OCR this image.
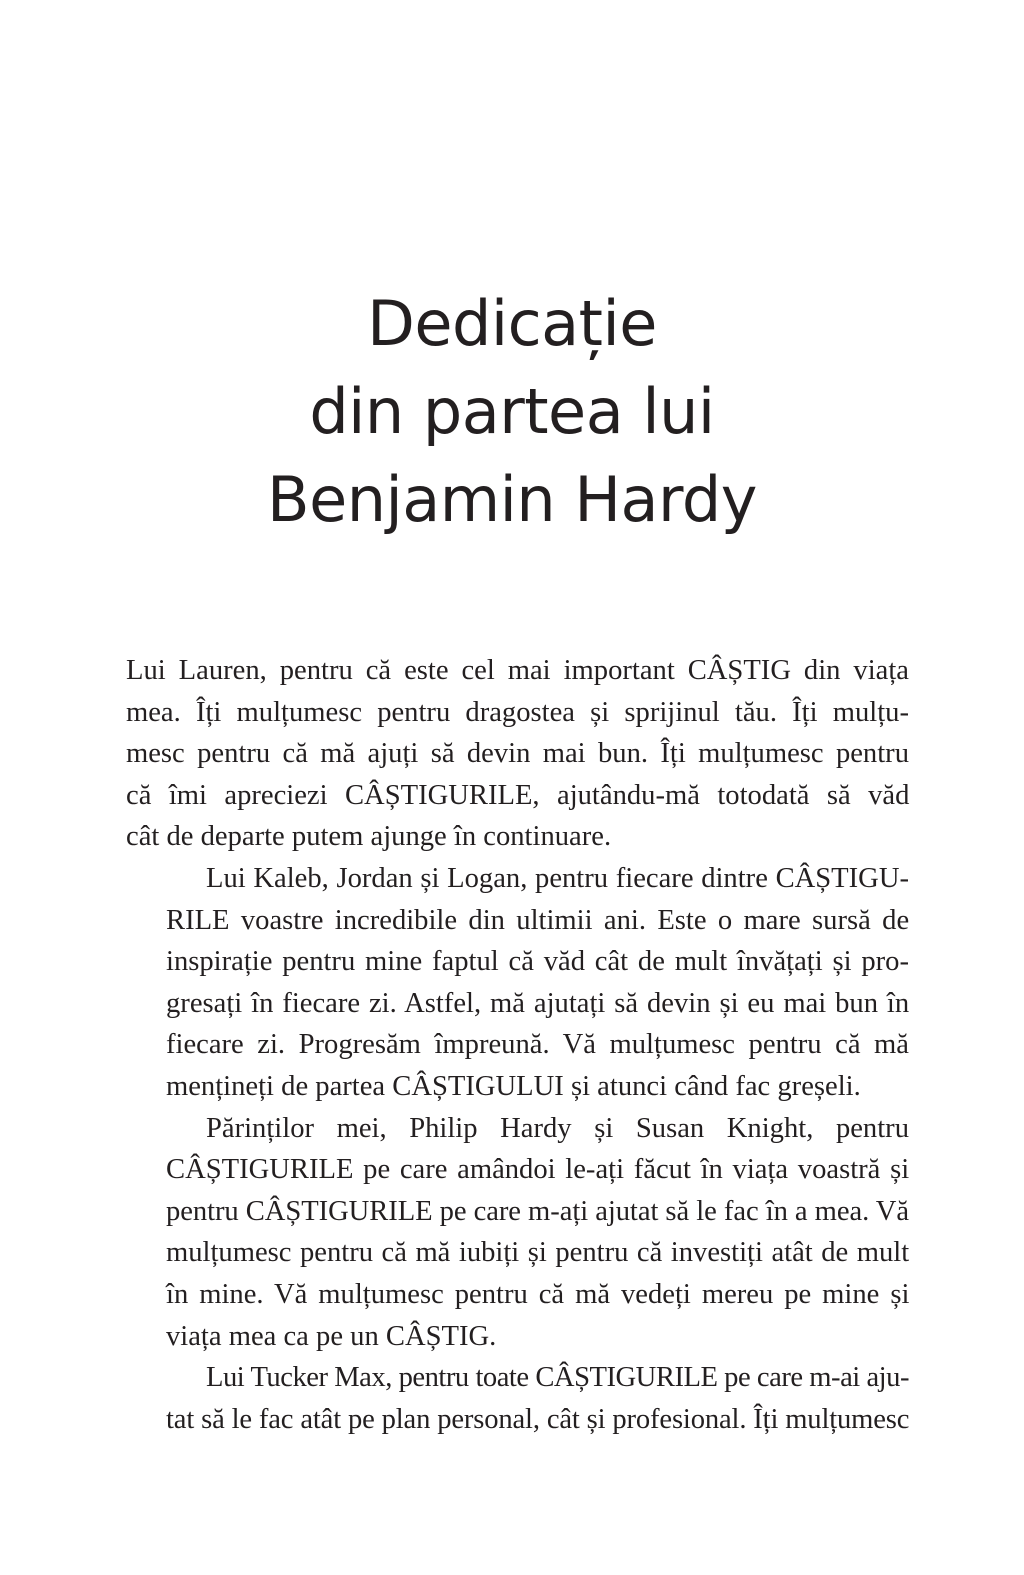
Dedicație
din partea lui
Benjamin Hardy
Lui Lauren, pentru că este cel mai important CÂȘTIG din viața
mea. Îți mulțumesc pentru dragostea și sprijinul tău. Îți mulțu-
mesc pentru că mă ajuți să devin mai bun. Îți mulțumesc pentru
că îmi apreciezi CÂȘTIGURILE, ajutându-mă totodată să văd
cât de departe putem ajunge în continuare.
Lui Kaleb, Jordan și Logan, pentru fiecare dintre CÂȘTIGU-
RILE voastre incredibile din ultimii ani. Este o mare sursă de
inspirație pentru mine faptul că văd cât de mult învățați și pro-
gresați în fiecare zi. Astfel, mă ajutați să devin și eu mai bun în
fiecare zi. Progresăm împreună. Vă mulțumesc pentru că mă
mențineți de partea CÂȘTIGULUI și atunci când fac greșeli.
Părinților mei, Philip Hardy și Susan Knight, pentru
CÂȘTIGURILE pe care amândoi le-ați făcut în viața voastră și
pentru CÂȘTIGURILE pe care m-ați ajutat să le fac în a mea. Vă
mulțumesc pentru că mă iubiți și pentru că investiți atât de mult
în mine. Vă mulțumesc pentru că mă vedeți mereu pe mine și
viața mea ca pe un CÂȘTIG.
Lui Tucker Max, pentru toate CÂȘTIGURILE pe care m-ai aju-
tat să le fac atât pe plan personal, cât și profesional. Îți mulțumesc
